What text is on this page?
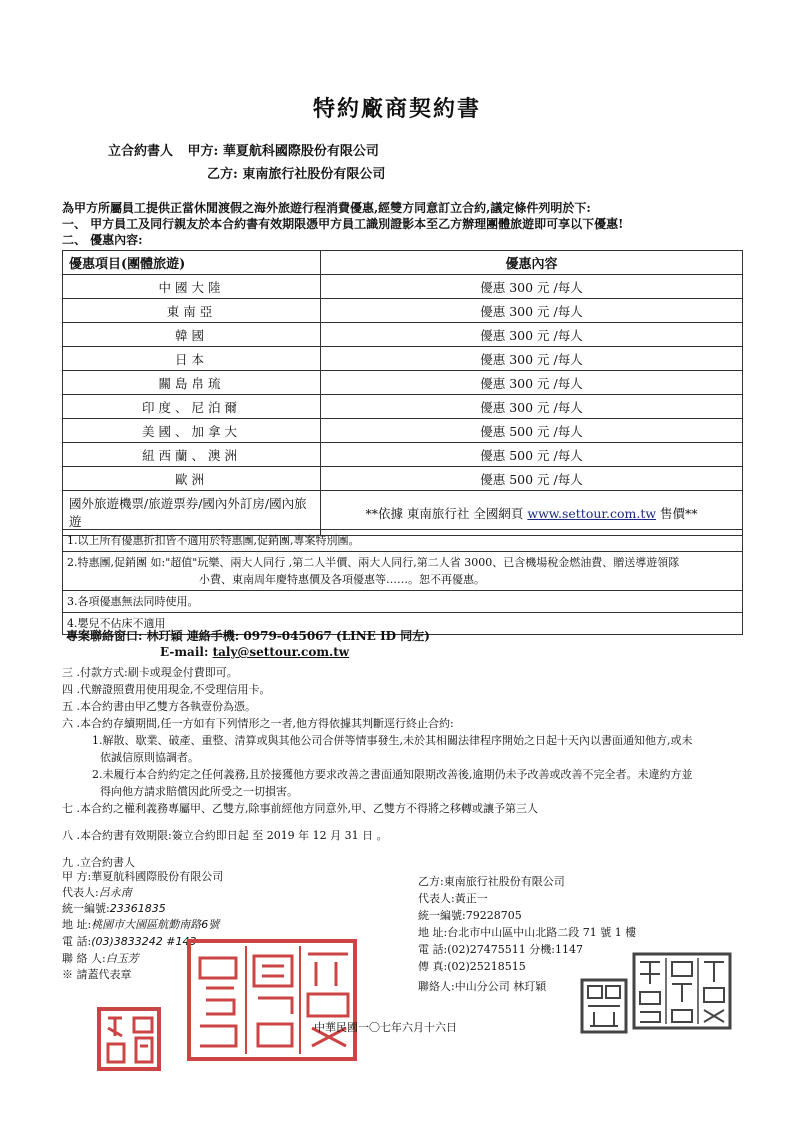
特約廠商契約書
立合約書人 甲方: 華夏航科國際股份有限公司
乙方: 東南旅行社股份有限公司
為甲方所屬員工提供正當休閒渡假之海外旅遊行程消費優惠,經雙方同意訂立合約,議定條件列明於下:
一、 甲方員工及同行親友於本合約書有效期限憑甲方員工識別證影本至乙方辦理團體旅遊即可享以下優惠!
二、 優惠內容:
優惠項目(團體旅遊)	優惠內容
中國大陸	優惠 300 元 /每人
東南亞	優惠 300 元 /每人
韓國	優惠 300 元 /每人
日本	優惠 300 元 /每人
關島帛琉	優惠 300 元 /每人
印度、尼泊爾	優惠 300 元 /每人
美國、加拿大	優惠 500 元 /每人
紐西蘭、澳洲	優惠 500 元 /每人
歐洲	優惠 500 元 /每人
國外旅遊機票/旅遊票券/國內外訂房/國內旅遊	**依據 東南旅行社 全國網頁 www.settour.com.tw 售價**
1.以上所有優惠折扣皆不適用於特惠團,促銷團,專案特別團。

2.特惠團,促銷團 如:"超值"玩樂、兩大人同行 ,第二人半價、兩大人同行,第二人省 3000、已含機場稅金燃油費、贈送導遊領隊
小費、東南周年慶特惠價及各項優惠等……。恕不再優惠。

3.各項優惠無法同時使用。
4.嬰兒不佔床不適用
專案聯絡窗口: 林玎穎 連絡手機: 0979-045067 (LINE ID 同左)
E-mail: taly@settour.com.tw
三 .付款方式:刷卡或現金付費即可。
四 .代辦證照費用使用現金,不受理信用卡。
五 .本合約書由甲乙雙方各執壹份為憑。
六 .本合約存續期間,任一方如有下列情形之一者,他方得依據其判斷逕行終止合約:
1.解散、歇業、破產、重整、清算或與其他公司合併等情事發生,未於其相關法律程序開始之日起十天內以書面通知他方,或未
依誠信原則協調者。
2.未履行本合約約定之任何義務,且於接獲他方要求改善之書面通知限期改善後,逾期仍未予改善或改善不完全者。未違約方並
得向他方請求賠償因此所受之一切損害。
七 .本合約之權利義務專屬甲、乙雙方,除事前經他方同意外,甲、乙雙方不得將之移轉或讓予第三人
八 .本合約書有效期限:簽立合約即日起 至 2019 年 12 月 31 日 。
九 .立合約書人
甲 方:華夏航科國際股份有限公司
代表人:呂永南
統一編號:23361835
地 址:桃園市大園區航勤南路6號
電 話:(03)3833242 #143
聯 絡 人:白玉芳
※ 請蓋代表章
乙方:東南旅行社股份有限公司
代表人:黃正一
統一編號:79228705
地 址:台北市中山區中山北路二段 71 號 1 樓
電 話:(02)27475511 分機:1147
傳 真:(02)25218515
聯絡人:中山分公司 林玎穎
中華民國一〇七年六月十六日
